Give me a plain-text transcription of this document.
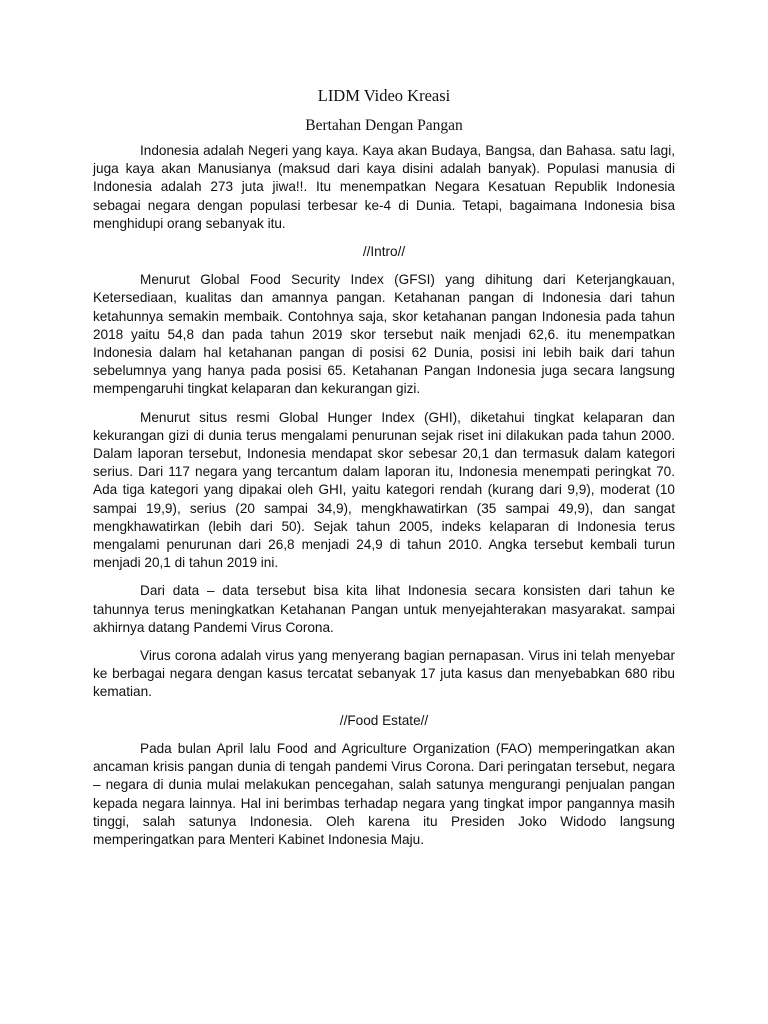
LIDM Video Kreasi
Bertahan Dengan Pangan

Indonesia adalah Negeri yang kaya. Kaya akan Budaya, Bangsa, dan Bahasa. satu lagi, juga kaya akan Manusianya (maksud dari kaya disini adalah banyak). Populasi manusia di Indonesia adalah 273 juta jiwa!!. Itu menempatkan Negara Kesatuan Republik Indonesia sebagai negara dengan populasi terbesar ke-4 di Dunia. Tetapi, bagaimana Indonesia bisa menghidupi orang sebanyak itu.

//Intro//

Menurut Global Food Security Index (GFSI) yang dihitung dari Keterjangkauan, Ketersediaan, kualitas dan amannya pangan. Ketahanan pangan di Indonesia dari tahun ketahunnya semakin membaik. Contohnya saja, skor ketahanan pangan Indonesia pada tahun 2018 yaitu 54,8 dan pada tahun 2019 skor tersebut naik menjadi 62,6. itu menempatkan Indonesia dalam hal ketahanan pangan di posisi 62 Dunia, posisi ini lebih baik dari tahun sebelumnya yang hanya pada posisi 65. Ketahanan Pangan Indonesia juga secara langsung mempengaruhi tingkat kelaparan dan kekurangan gizi.

Menurut situs resmi Global Hunger Index (GHI), diketahui tingkat kelaparan dan kekurangan gizi di dunia terus mengalami penurunan sejak riset ini dilakukan pada tahun 2000. Dalam laporan tersebut, Indonesia mendapat skor sebesar 20,1 dan termasuk dalam kategori serius. Dari 117 negara yang tercantum dalam laporan itu, Indonesia menempati peringkat 70. Ada tiga kategori yang dipakai oleh GHI, yaitu kategori rendah (kurang dari 9,9), moderat (10 sampai 19,9), serius (20 sampai 34,9), mengkhawatirkan (35 sampai 49,9), dan sangat mengkhawatirkan (lebih dari 50). Sejak tahun 2005, indeks kelaparan di Indonesia terus mengalami penurunan dari 26,8 menjadi 24,9 di tahun 2010. Angka tersebut kembali turun menjadi 20,1 di tahun 2019 ini.

Dari data – data tersebut bisa kita lihat Indonesia secara konsisten dari tahun ke tahunnya terus meningkatkan Ketahanan Pangan untuk menyejahterakan masyarakat. sampai akhirnya datang Pandemi Virus Corona.

Virus corona adalah virus yang menyerang bagian pernapasan. Virus ini telah menyebar ke berbagai negara dengan kasus tercatat sebanyak 17 juta kasus dan menyebabkan 680 ribu kematian.

//Food Estate//

Pada bulan April lalu Food and Agriculture Organization (FAO) memperingatkan akan ancaman krisis pangan dunia di tengah pandemi Virus Corona. Dari peringatan tersebut, negara – negara di dunia mulai melakukan pencegahan, salah satunya mengurangi penjualan pangan kepada negara lainnya. Hal ini berimbas terhadap negara yang tingkat impor pangannya masih tinggi, salah satunya Indonesia. Oleh karena itu Presiden Joko Widodo langsung memperingatkan para Menteri Kabinet Indonesia Maju.
